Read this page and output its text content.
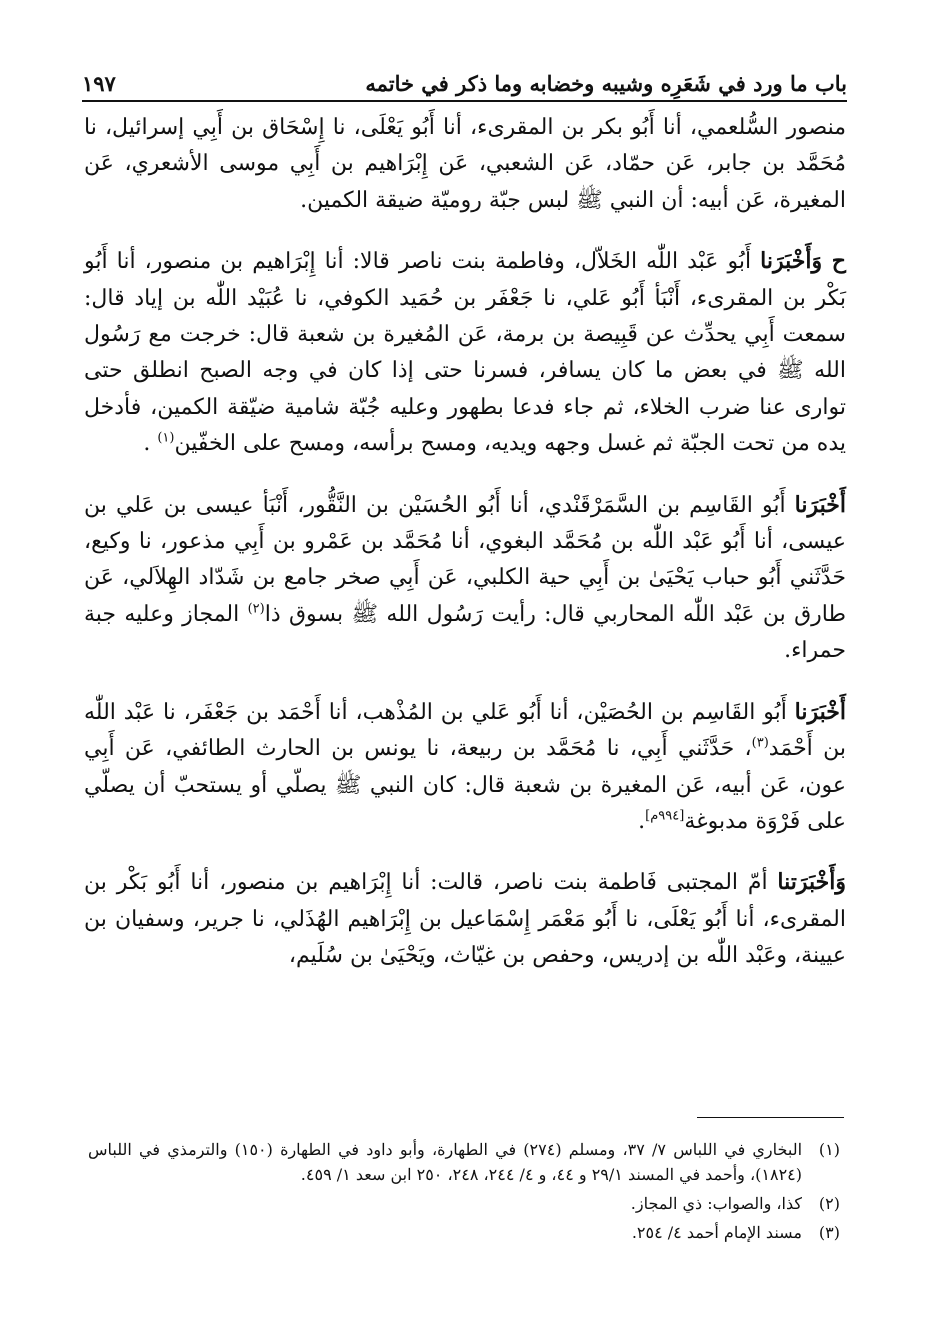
باب ما ورد في شَعَرِه وشيبه وخضابه وما ذكر في خاتمه
١٩٧

منصور السُّلعمي، أنا أَبُو بكر بن المقرىء، أنا أَبُو يَعْلَى، نا إِسْحَاق بن أَبِي إسرائيل، نا مُحَمَّد بن جابر، عَن حمّاد، عَن الشعبي، عَن إِبْرَاهيم بن أَبِي موسى الأشعري، عَن المغيرة، عَن أبيه: أن النبي ﷺ لبس جبّة روميّة ضيقة الكمين.

ح وَأَخْبَرَنا أَبُو عَبْد اللّٰه الخَلاّل، وفاطمة بنت ناصر قالا: أنا إِبْرَاهيم بن منصور، أنا أَبُو بَكْر بن المقرىء، أَنْبَأ أَبُو عَلي، نا جَعْفَر بن حُمَيد الكوفي، نا عُبَيْد اللّٰه بن إياد قال: سمعت أَبِي يحدِّث عن قَبِيصة بن برمة، عَن المُغيرة بن شعبة قال: خرجت مع رَسُول الله ﷺ في بعض ما كان يسافر، فسرنا حتى إذا كان في وجه الصبح انطلق حتى توارى عنا ضرب الخلاء، ثم جاء فدعا بطهور وعليه جُبّة شامية ضيّقة الكمين، فأدخل يده من تحت الجبّة ثم غسل وجهه ويديه، ومسح برأسه، ومسح على الخفّين$^{(١)}$ .

أَخْبَرَنا أَبُو القَاسِم بن السَّمَرْقَنْدي، أنا أَبُو الحُسَيْن بن النَّقُّور، أَنْبَأ عيسى بن عَلي بن عيسى، أنا أَبُو عَبْد اللّٰه بن مُحَمَّد البغوي، أنا مُحَمَّد بن عَمْرو بن أَبِي مذعور، نا وكيع، حَدَّثَني أَبُو حباب يَحْيَىٰ بن أَبِي حية الكلبي، عَن أَبِي صخر جامع بن شَدّاد الهِلاَلي، عَن طارق بن عَبْد اللّٰه المحاربي قال: رأيت رَسُول الله ﷺ بسوق ذا$^{(٢)}$ المجاز وعليه جبة حمراء.

أَخْبَرَنا أَبُو القَاسِم بن الحُصَيْن، أنا أَبُو عَلي بن المُذْهب، أنا أَحْمَد بن جَعْفَر، نا عَبْد اللّٰه بن أَحْمَد$^{(٣)}$، حَدَّثَني أَبِي، نا مُحَمَّد بن ربيعة، نا يونس بن الحارث الطائفي، عَن أَبِي عون، عَن أبيه، عَن المغيرة بن شعبة قال: كان النبي ﷺ يصلّي أو يستحبّ أن يصلّي على فَرْوَة مدبوغة[٩٩٤م].

وَأَخْبَرَتنا أمّ المجتبى فَاطمة بنت ناصر، قالت: أنا إِبْرَاهيم بن منصور، أنا أَبُو بَكْر بن المقرىء، أنا أَبُو يَعْلَى، نا أَبُو مَعْمَر إِسْمَاعيل بن إِبْرَاهيم الهُذَلي، نا جرير، وسفيان بن عيينة، وعَبْد اللّٰه بن إدريس، وحفص بن غيّاث، ويَحْيَىٰ بن سُلَيم،

(١)
البخاري في اللباس ٧/ ٣٧، ومسلم (٢٧٤) في الطهارة، وأبو داود في الطهارة (١٥٠) والترمذي في اللباس (١٨٢٤)، وأحمد في المسند ٢٩/١ و ٤٤، و ٤/ ٢٤٤، ٢٤٨، ٢٥٠ ابن سعد ١/ ٤٥٩.
(٢)
كذا، والصواب: ذي المجاز.
(٣)
مسند الإمام أحمد ٤/ ٢٥٤.
